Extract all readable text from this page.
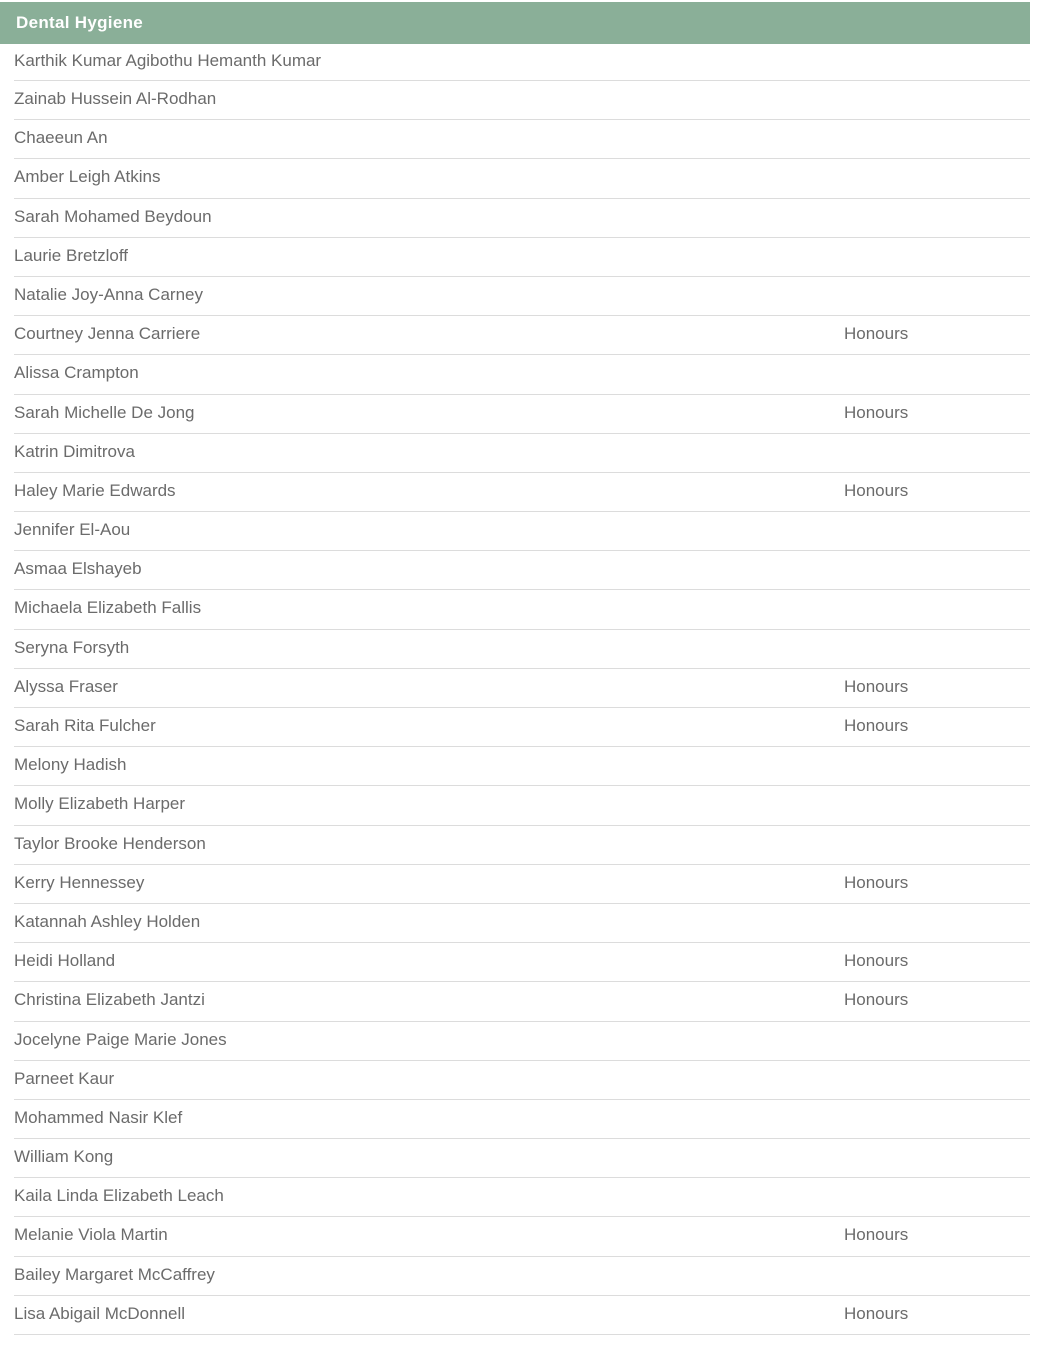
Dental Hygiene
Karthik Kumar Agibothu Hemanth Kumar
Zainab Hussein Al-Rodhan
Chaeeun An
Amber Leigh Atkins
Sarah Mohamed Beydoun
Laurie Bretzloff
Natalie Joy-Anna Carney
Courtney Jenna Carriere	Honours
Alissa Crampton
Sarah Michelle De Jong	Honours
Katrin Dimitrova
Haley Marie Edwards	Honours
Jennifer El-Aou
Asmaa Elshayeb
Michaela Elizabeth Fallis
Seryna Forsyth
Alyssa Fraser	Honours
Sarah Rita Fulcher	Honours
Melony Hadish
Molly Elizabeth Harper
Taylor Brooke Henderson
Kerry Hennessey	Honours
Katannah Ashley Holden
Heidi Holland	Honours
Christina Elizabeth Jantzi	Honours
Jocelyne Paige Marie Jones
Parneet Kaur
Mohammed Nasir Klef
William Kong
Kaila Linda Elizabeth Leach
Melanie Viola Martin	Honours
Bailey Margaret McCaffrey
Lisa Abigail McDonnell	Honours
